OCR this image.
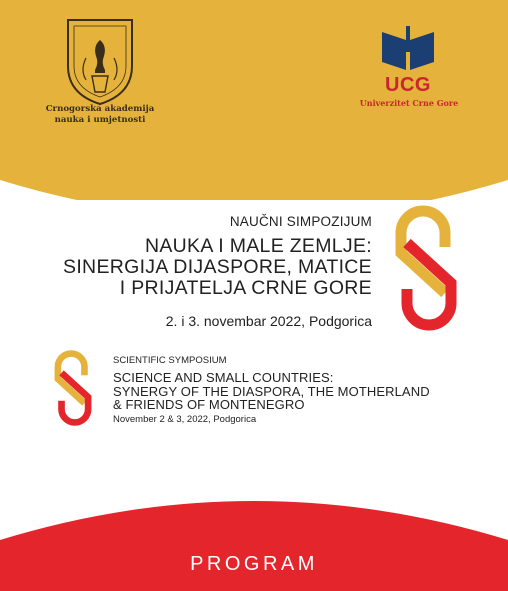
Crnogorska akademija
nauka i umjetnosti
UCG
Univerzitet Crne Gore
NAUČNI SIMPOZIJUM
NAUKA I MALE ZEMLJE:
SINERGIJA DIJASPORE, MATICE
I PRIJATELJA CRNE GORE
2. i 3. novembar 2022, Podgorica
SCIENTIFIC SYMPOSIUM
SCIENCE AND SMALL COUNTRIES:
SYNERGY OF THE DIASPORA, THE MOTHERLAND
& FRIENDS OF MONTENEGRO
November 2 & 3, 2022, Podgorica
PROGRAM
